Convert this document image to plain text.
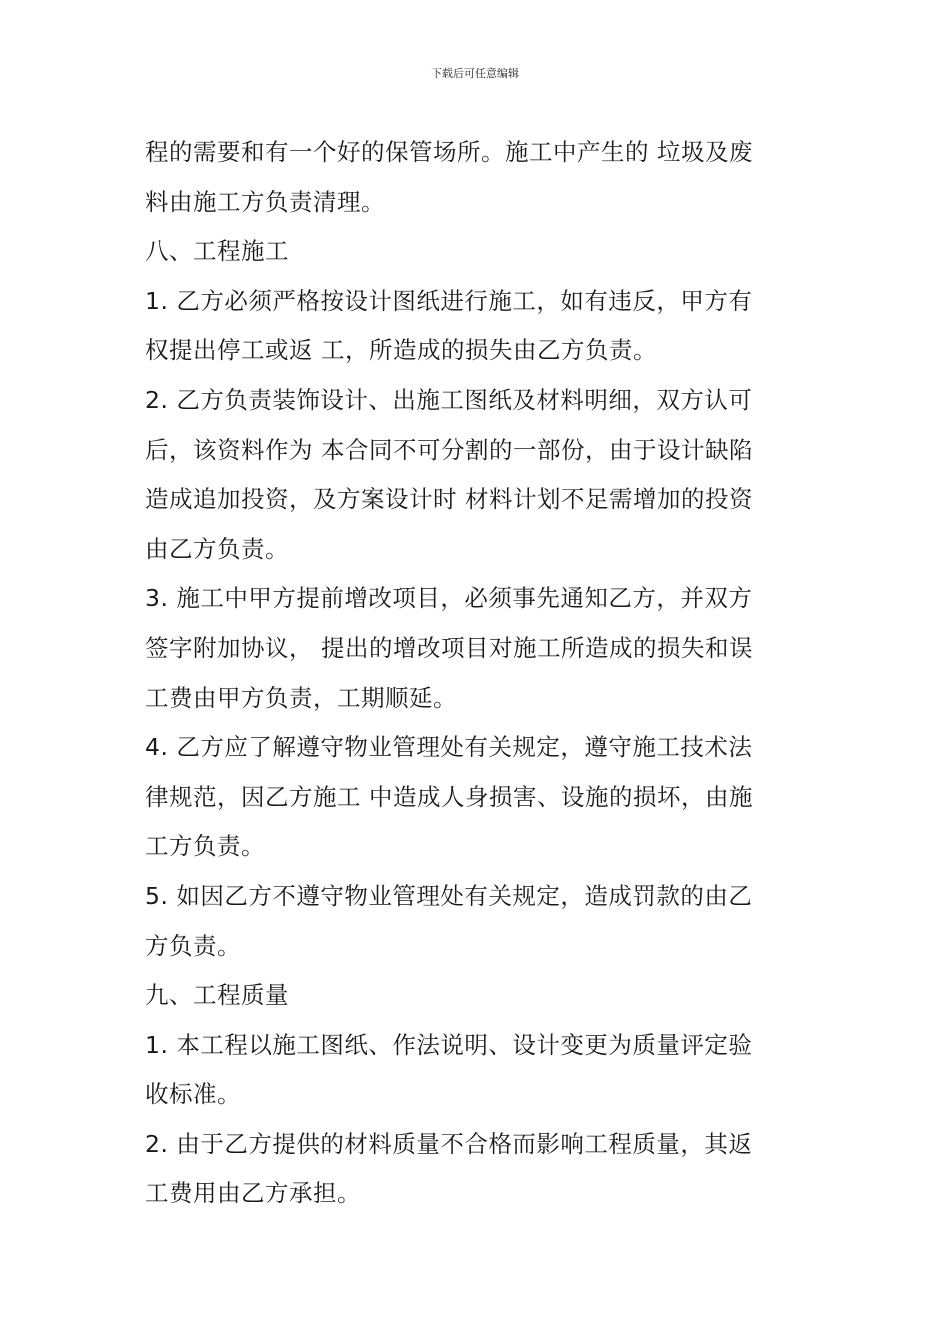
下载后可任意编辑
程的需要和有一个好的保管场所。施工中产生的 垃圾及废
料由施工方负责清理。
八、工程施工
1. 乙方必须严格按设计图纸进行施工，如有违反，甲方有
权提出停工或返 工，所造成的损失由乙方负责。
2. 乙方负责装饰设计、出施工图纸及材料明细，双方认可
后，该资料作为 本合同不可分割的一部份，由于设计缺陷
造成追加投资，及方案设计时 材料计划不足需增加的投资
由乙方负责。
3. 施工中甲方提前增改项目，必须事先通知乙方，并双方
签字附加协议， 提出的增改项目对施工所造成的损失和误
工费由甲方负责，工期顺延。
4. 乙方应了解遵守物业管理处有关规定，遵守施工技术法
律规范，因乙方施工 中造成人身损害、设施的损坏，由施
工方负责。
5. 如因乙方不遵守物业管理处有关规定，造成罚款的由乙
方负责。
九、工程质量
1. 本工程以施工图纸、作法说明、设计变更为质量评定验
收标准。
2. 由于乙方提供的材料质量不合格而影响工程质量，其返
工费用由乙方承担。
